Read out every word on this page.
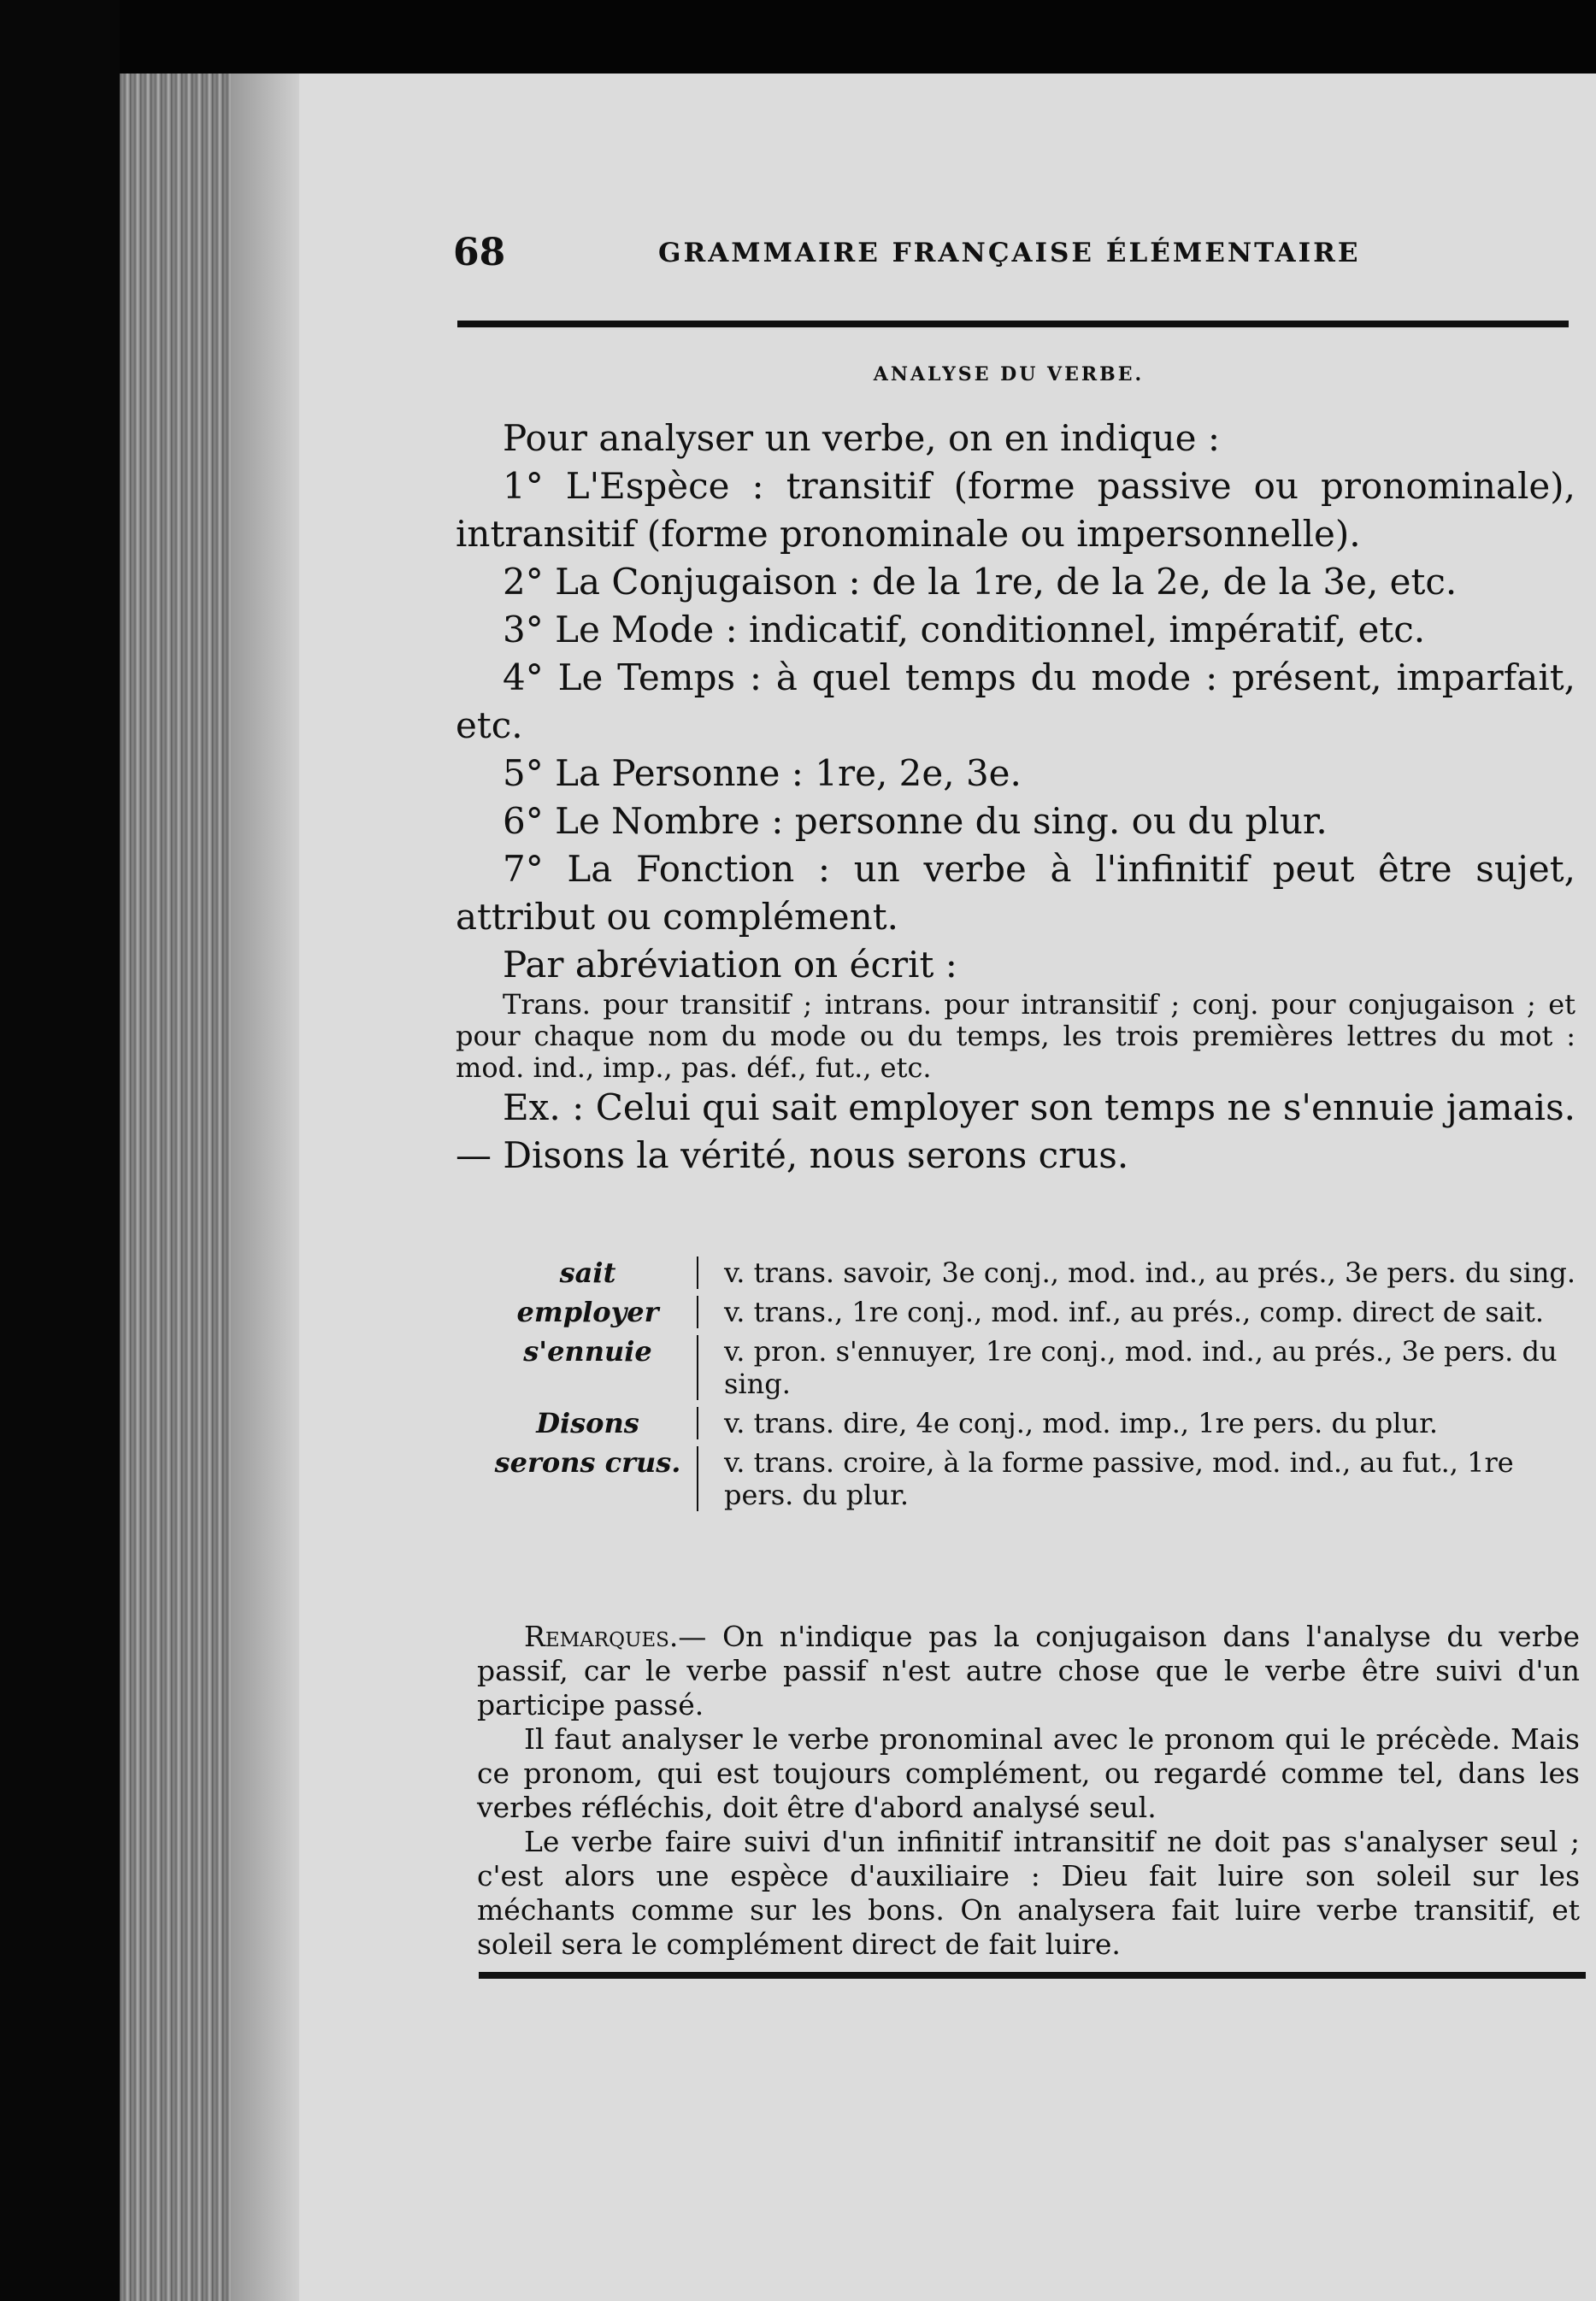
68	GRAMMAIRE FRANÇAISE ÉLÉMENTAIRE
ANALYSE DU VERBE.

Pour analyser un verbe, on en indique :

1° L'Espèce : transitif (forme passive ou pronominale), intransitif (forme pronominale ou impersonnelle).

2° La Conjugaison : de la 1re, de la 2e, de la 3e, etc.

3° Le Mode : indicatif, conditionnel, impératif, etc.

4° Le Temps : à quel temps du mode : présent, imparfait, etc.

5° La Personne : 1re, 2e, 3e.

6° Le Nombre : personne du sing. ou du plur.

7° La Fonction : un verbe à l'infinitif peut être sujet, attribut ou complément.

Par abréviation on écrit :

Trans. pour transitif ; intrans. pour intransitif ; conj. pour conjugaison ; et pour chaque nom du mode ou du temps, les trois premières lettres du mot : mod. ind., imp., pas. déf., fut., etc.

Ex. : Celui qui sait employer son temps ne s'ennuie jamais. — Disons la vérité, nous serons crus.

sait	v. trans. savoir, 3e conj., mod. ind., au prés., 3e pers. du sing.
employer	v. trans., 1re conj., mod. inf., au prés., comp. direct de sait.
s'ennuie	v. pron. s'ennuyer, 1re conj., mod. ind., au prés., 3e pers. du sing.
Disons	v. trans. dire, 4e conj., mod. imp., 1re pers. du plur.
serons crus.	v. trans. croire, à la forme passive, mod. ind., au fut., 1re pers. du plur.

Remarques.— On n'indique pas la conjugaison dans l'analyse du verbe passif, car le verbe passif n'est autre chose que le verbe être suivi d'un participe passé.

Il faut analyser le verbe pronominal avec le pronom qui le précède. Mais ce pronom, qui est toujours complément, ou regardé comme tel, dans les verbes réfléchis, doit être d'abord analysé seul.

Le verbe faire suivi d'un infinitif intransitif ne doit pas s'analyser seul ; c'est alors une espèce d'auxiliaire : Dieu fait luire son soleil sur les méchants comme sur les bons. On analysera fait luire verbe transitif, et soleil sera le complément direct de fait luire.
